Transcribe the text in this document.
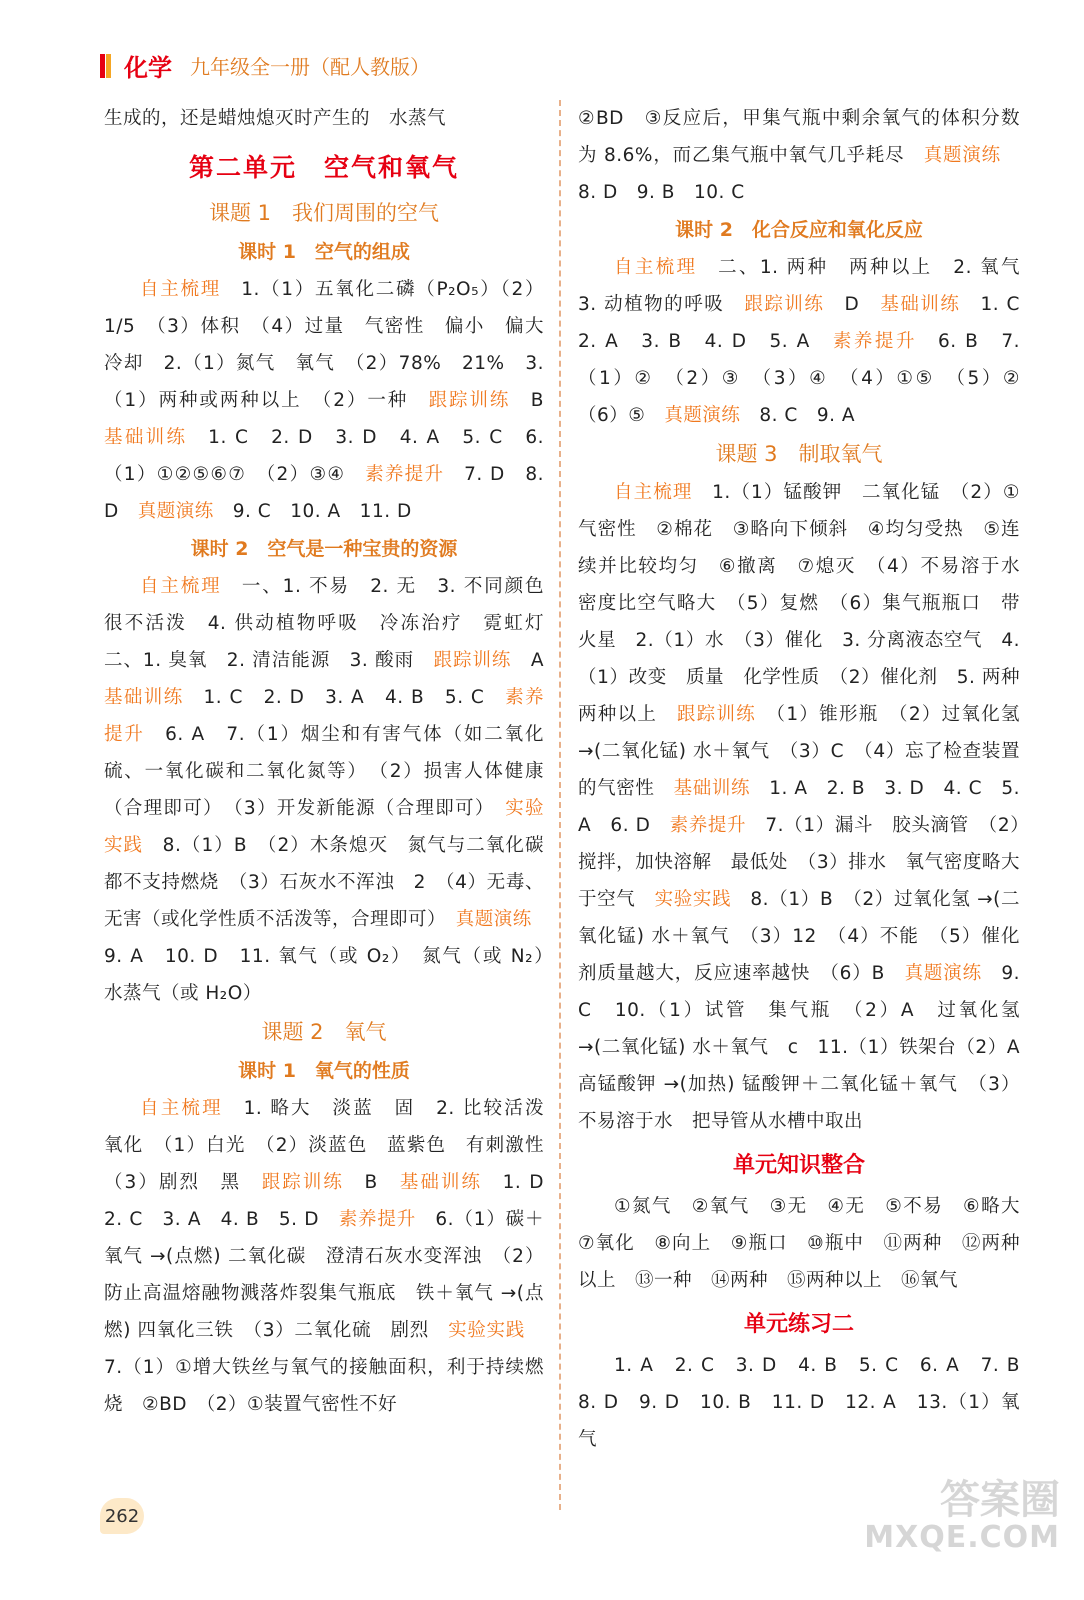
化学 九年级全一册（配人教版）

生成的，还是蜡烛熄灭时产生的　水蒸气

第二单元　空气和氧气

课题 1　我们周围的空气

课时 1　空气的组成

自主梳理　1.（1）五氧化二磷（P₂O₅）（2）1/5　（3）体积　（4）过量　气密性　偏小　偏大　冷却　2.（1）氮气　氧气　（2）78%　21%　3.（1）两种或两种以上　（2）一种　跟踪训练　B　基础训练　1. C　2. D　3. D　4. A　5. C　6.（1）①②⑤⑥⑦　（2）③④　素养提升　7. D　8. D　真题演练　9. C　10. A　11. D

课时 2　空气是一种宝贵的资源

自主梳理　一、1. 不易　2. 无　3. 不同颜色　很不活泼　4. 供动植物呼吸　冷冻治疗　霓虹灯　二、1. 臭氧　2. 清洁能源　3. 酸雨　跟踪训练　A　基础训练　1. C　2. D　3. A　4. B　5. C　素养提升　6. A　7.（1）烟尘和有害气体（如二氧化硫、一氧化碳和二氧化氮等）　（2）损害人体健康（合理即可）　（3）开发新能源（合理即可）　实验实践　8.（1）B　（2）木条熄灭　氮气与二氧化碳都不支持燃烧　（3）石灰水不浑浊　2　（4）无毒、无害（或化学性质不活泼等，合理即可）　真题演练　9. A　10. D　11. 氧气（或 O₂）　氮气（或 N₂）　水蒸气（或 H₂O）

课题 2　氧气

课时 1　氧气的性质

自主梳理　1. 略大　淡蓝　固　2. 比较活泼　氧化　（1）白光　（2）淡蓝色　蓝紫色　有刺激性　（3）剧烈　黑　跟踪训练　B　基础训练　1. D　2. C　3. A　4. B　5. D　素养提升　6.（1）碳＋氧气 →(点燃) 二氧化碳　澄清石灰水变浑浊　（2）防止高温熔融物溅落炸裂集气瓶底　铁＋氧气 →(点燃) 四氧化三铁　（3）二氧化硫　剧烈　实验实践　7.（1）①增大铁丝与氧气的接触面积，利于持续燃烧　②BD　（2）①装置气密性不好

②BD　③反应后，甲集气瓶中剩余氧气的体积分数为 8.6%，而乙集气瓶中氧气几乎耗尽　真题演练　8. D　9. B　10. C

课时 2　化合反应和氧化反应

自主梳理　二、1. 两种　两种以上　2. 氧气　3. 动植物的呼吸　跟踪训练　D　基础训练　1. C　2. A　3. B　4. D　5. A　素养提升　6. B　7.（1）②　（2）③　（3）④　（4）①⑤　（5）②　（6）⑤　真题演练　8. C　9. A

课题 3　制取氧气

自主梳理　1.（1）锰酸钾　二氧化锰　（2）①气密性　②棉花　③略向下倾斜　④均匀受热　⑤连续并比较均匀　⑥撤离　⑦熄灭　（4）不易溶于水　密度比空气略大　（5）复燃　（6）集气瓶瓶口　带火星　2.（1）水　（3）催化　3. 分离液态空气　4.（1）改变　质量　化学性质　（2）催化剂　5. 两种　两种以上　跟踪训练　（1）锥形瓶　（2）过氧化氢 →(二氧化锰) 水＋氧气　（3）C　（4）忘了检查装置的气密性　基础训练　1. A　2. B　3. D　4. C　5. A　6. D　素养提升　7.（1）漏斗　胶头滴管　（2）搅拌，加快溶解　最低处　（3）排水　氧气密度略大于空气　实验实践　8.（1）B　（2）过氧化氢 →(二氧化锰) 水＋氧气　（3）12　（4）不能　（5）催化剂质量越大，反应速率越快　（6）B　真题演练　9. C　10.（1）试管　集气瓶　（2）A　过氧化氢 →(二氧化锰) 水＋氧气　c　11.（1）铁架台（2）A　高锰酸钾 →(加热) 锰酸钾＋二氧化锰＋氧气　（3）不易溶于水　把导管从水槽中取出

单元知识整合

①氮气　②氧气　③无　④无　⑤不易　⑥略大　⑦氧化　⑧向上　⑨瓶口　⑩瓶中　⑪两种　⑫两种以上　⑬一种　⑭两种　⑮两种以上　⑯氧气

单元练习二

1. A　2. C　3. D　4. B　5. C　6. A　7. B　8. D　9. D　10. B　11. D　12. A　13.（1）氧气

262	答案圈
MXQE.COM
